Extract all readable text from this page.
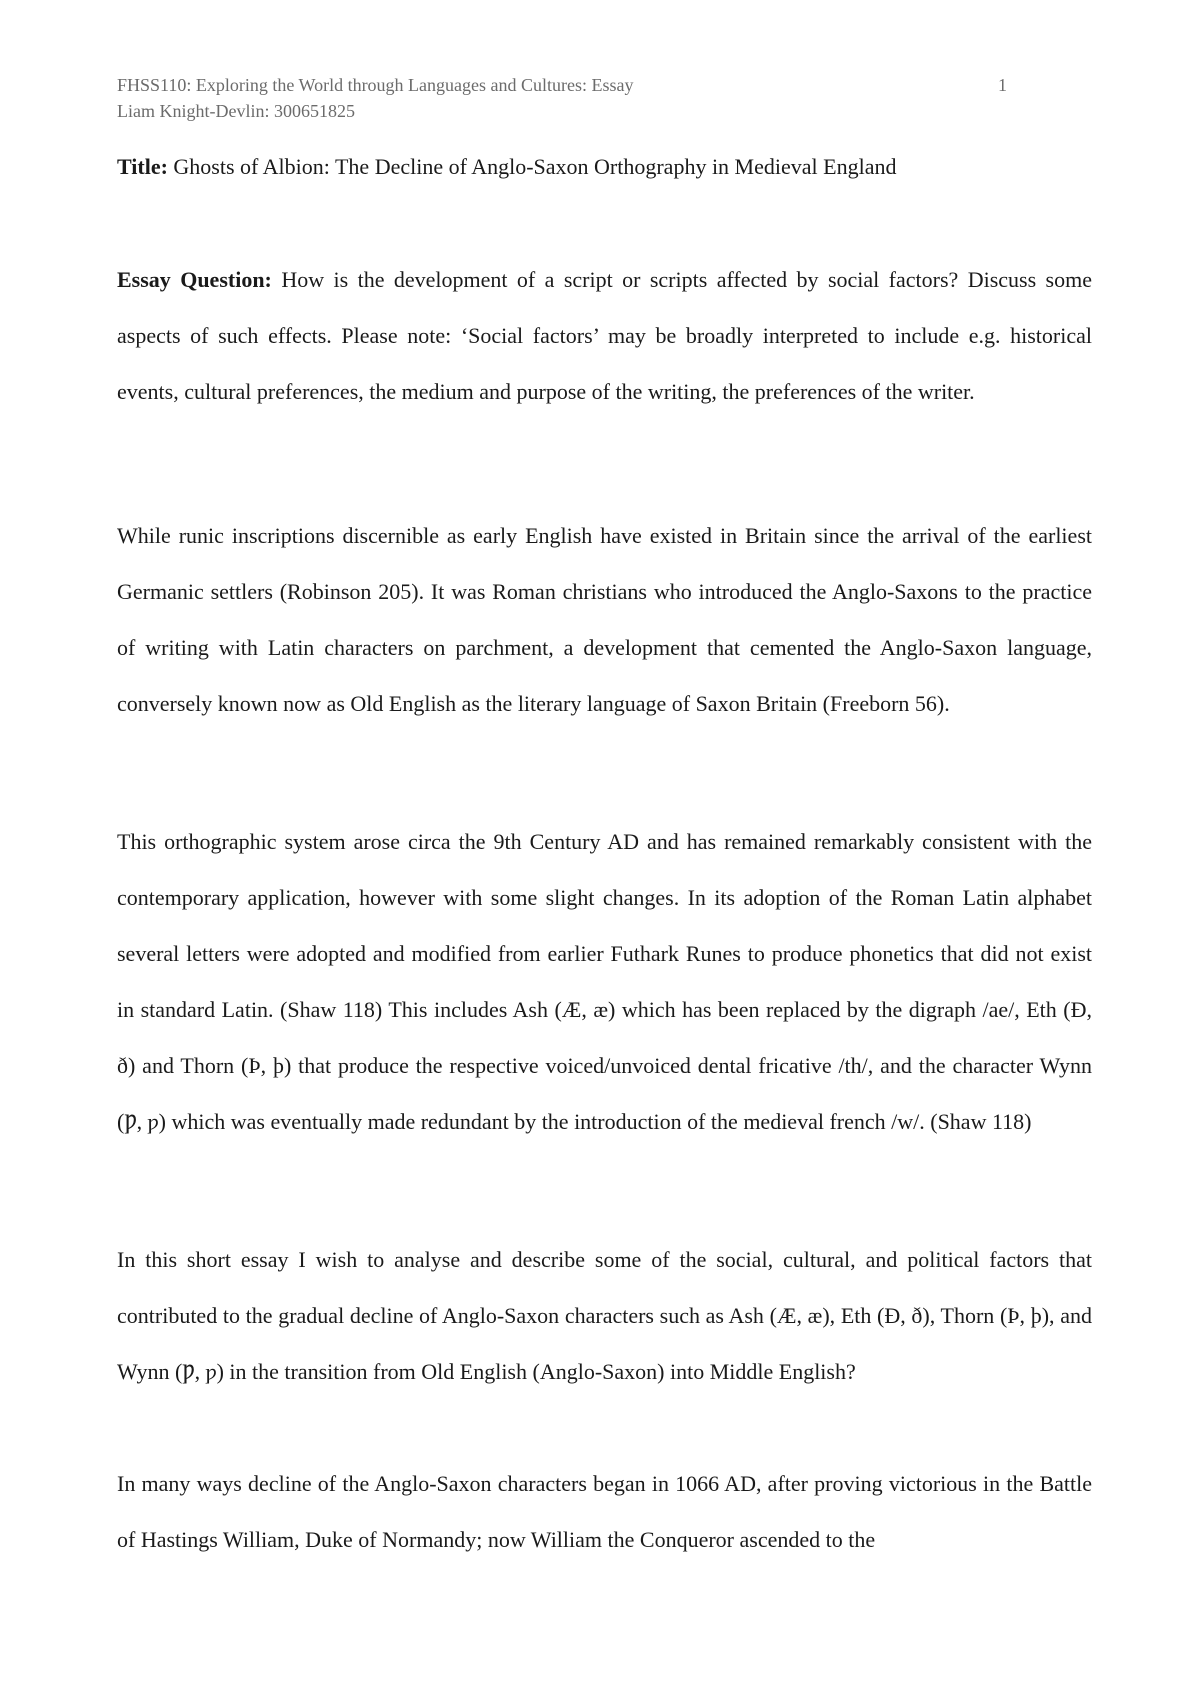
FHSS110: Exploring the World through Languages and Cultures: Essay	1
Liam Knight-Devlin: 300651825
Title: Ghosts of Albion: The Decline of Anglo-Saxon Orthography in Medieval England
Essay Question: How is the development of a script or scripts affected by social factors? Discuss some aspects of such effects. Please note: ‘Social factors’ may be broadly interpreted to include e.g. historical events, cultural preferences, the medium and purpose of the writing, the preferences of the writer.

While runic inscriptions discernible as early English have existed in Britain since the arrival of the earliest Germanic settlers (Robinson 205). It was Roman christians who introduced the Anglo-Saxons to the practice of writing with Latin characters on parchment, a development that cemented the Anglo-Saxon language, conversely known now as Old English as the literary language of Saxon Britain (Freeborn 56).

This orthographic system arose circa the 9th Century AD and has remained remarkably consistent with the contemporary application, however with some slight changes. In its adoption of the Roman Latin alphabet several letters were adopted and modified from earlier Futhark Runes to produce phonetics that did not exist in standard Latin. (Shaw 118) This includes Ash (Æ, æ) which has been replaced by the digraph /ae/, Eth (Đ, ð) and Thorn (Þ, þ) that produce the respective voiced/unvoiced dental fricative /th/, and the character Wynn (Ƿ, ƿ) which was eventually made redundant by the introduction of the medieval french /w/. (Shaw 118)

In this short essay I wish to analyse and describe some of the social, cultural, and political factors that contributed to the gradual decline of Anglo-Saxon characters such as Ash (Æ, æ), Eth (Đ, ð), Thorn (Þ, þ), and Wynn (Ƿ, ƿ) in the transition from Old English (Anglo-Saxon) into Middle English?

In many ways decline of the Anglo-Saxon characters began in 1066 AD, after proving victorious in the Battle of Hastings William, Duke of Normandy; now William the Conqueror ascended to the
